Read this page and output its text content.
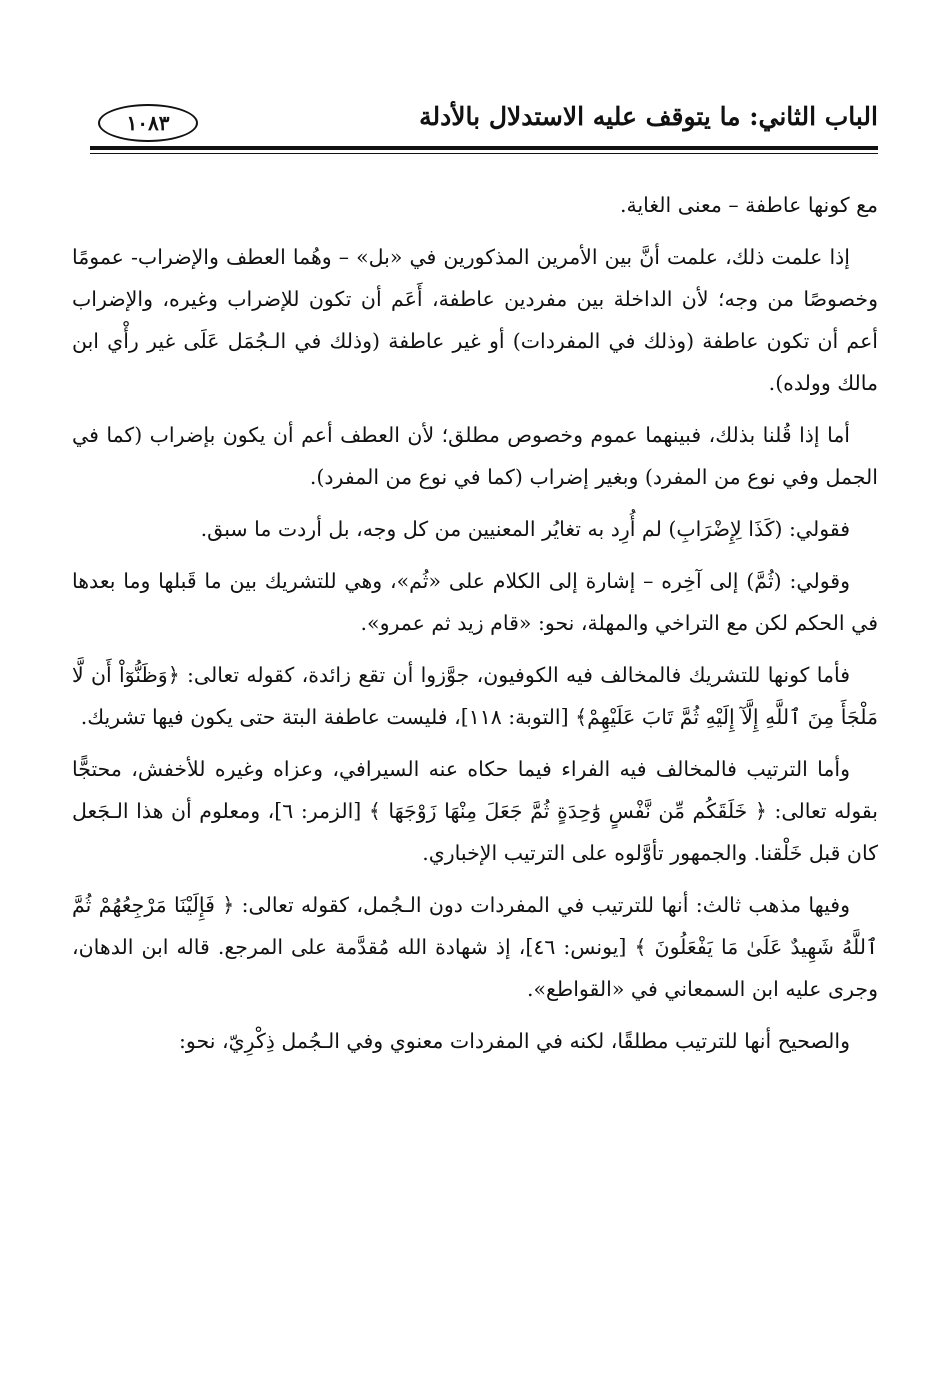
الباب الثاني: ما يتوقف عليه الاستدلال بالأدلة
١٠٨٣

مع كونها عاطفة – معنى الغاية.

إذا علمت ذلك، علمت أنَّ بين الأمرين المذكورين في «بل» – وهُما العطف والإضراب- عمومًا وخصوصًا من وجه؛ لأن الداخلة بين مفردين عاطفة، أَعَم أن تكون للإضراب وغيره، والإضراب أعم أن تكون عاطفة (وذلك في المفردات) أو غير عاطفة (وذلك في الـجُمَل عَلَى غير رأْي ابن مالك وولده).

أما إذا قُلنا بذلك، فبينهما عموم وخصوص مطلق؛ لأن العطف أعم أن يكون بإضراب (كما في الجمل وفي نوع من المفرد) وبغير إضراب (كما في نوع من المفرد).

فقولي: (كَذَا لِإِضْرَابِ) لم أُرِد به تغايُر المعنيين من كل وجه، بل أردت ما سبق.

وقولي: (ثُمَّ) إلى آخِره – إشارة إلى الكلام على «ثُم»، وهي للتشريك بين ما قَبلها وما بعدها في الحكم لكن مع التراخي والمهلة، نحو: «قام زيد ثم عمرو».

فأما كونها للتشريك فالمخالف فيه الكوفيون، جوَّزوا أن تقع زائدة، كقوله تعالى: ﴿وَظَنُّوٓاْ أَن لَّا مَلْجَأَ مِنَ ٱللَّهِ إِلَّآ إِلَيْهِ ثُمَّ تَابَ عَلَيْهِمْ﴾ [التوبة: ١١٨]، فليست عاطفة البتة حتى يكون فيها تشريك.

وأما الترتيب فالمخالف فيه الفراء فيما حكاه عنه السيرافي، وعزاه وغيره للأخفش، محتجًّا بقوله تعالى: ﴿ خَلَقَكُم مِّن نَّفْسٍ وَٰحِدَةٍ ثُمَّ جَعَلَ مِنْهَا زَوْجَهَا ﴾ [الزمر: ٦]، ومعلوم أن هذا الـجَعل كان قبل خَلْقنا. والجمهور تأوَّلوه على الترتيب الإخباري.

وفيها مذهب ثالث: أنها للترتيب في المفردات دون الـجُمل، كقوله تعالى: ﴿ فَإِلَيْنَا مَرْجِعُهُمْ ثُمَّ ٱللَّهُ شَهِيدٌ عَلَىٰ مَا يَفْعَلُونَ ﴾ [يونس: ٤٦]، إذ شهادة الله مُقدَّمة على المرجع. قاله ابن الدهان، وجرى عليه ابن السمعاني في «القواطع».

والصحيح أنها للترتيب مطلقًا، لكنه في المفردات معنوي وفي الـجُمل ذِكْرِيّ، نحو:
